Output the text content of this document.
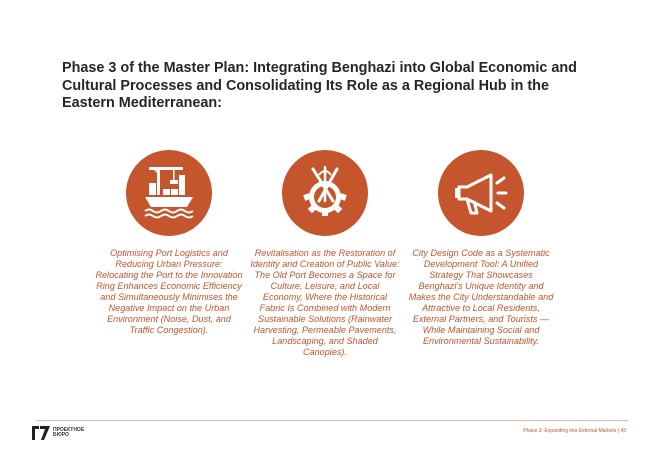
Phase 3 of the Master Plan: Integrating Benghazi into Global Economic and Cultural Processes and Consolidating Its Role as a Regional Hub in the Eastern Mediterranean:

Optimising Port Logistics and Reducing Urban Pressure: Relocating the Port to the Innovation Ring Enhances Economic Efficiency and Simultaneously Minimises the Negative Impact on the Urban Environment (Noise, Dust, and Traffic Congestion).

Revitalisation as the Restoration of Identity and Creation of Public Value: The Old Port Becomes a Space for Culture, Leisure, and Local Economy, Where the Historical Fabric Is Combined with Modern Sustainable Solutions (Rainwater Harvesting, Permeable Pavements, Landscaping, and Shaded Canopies).

City Design Code as a Systematic Development Tool: A Unified Strategy That Showcases Benghazi's Unique Identity and Makes the City Understandable and Attractive to Local Residents, External Partners, and Tourists — While Maintaining Social and Environmental Sustainability.

ПРОЕКТНОЕ БЮРО
Phase 3: Expanding into External Markets | 43
